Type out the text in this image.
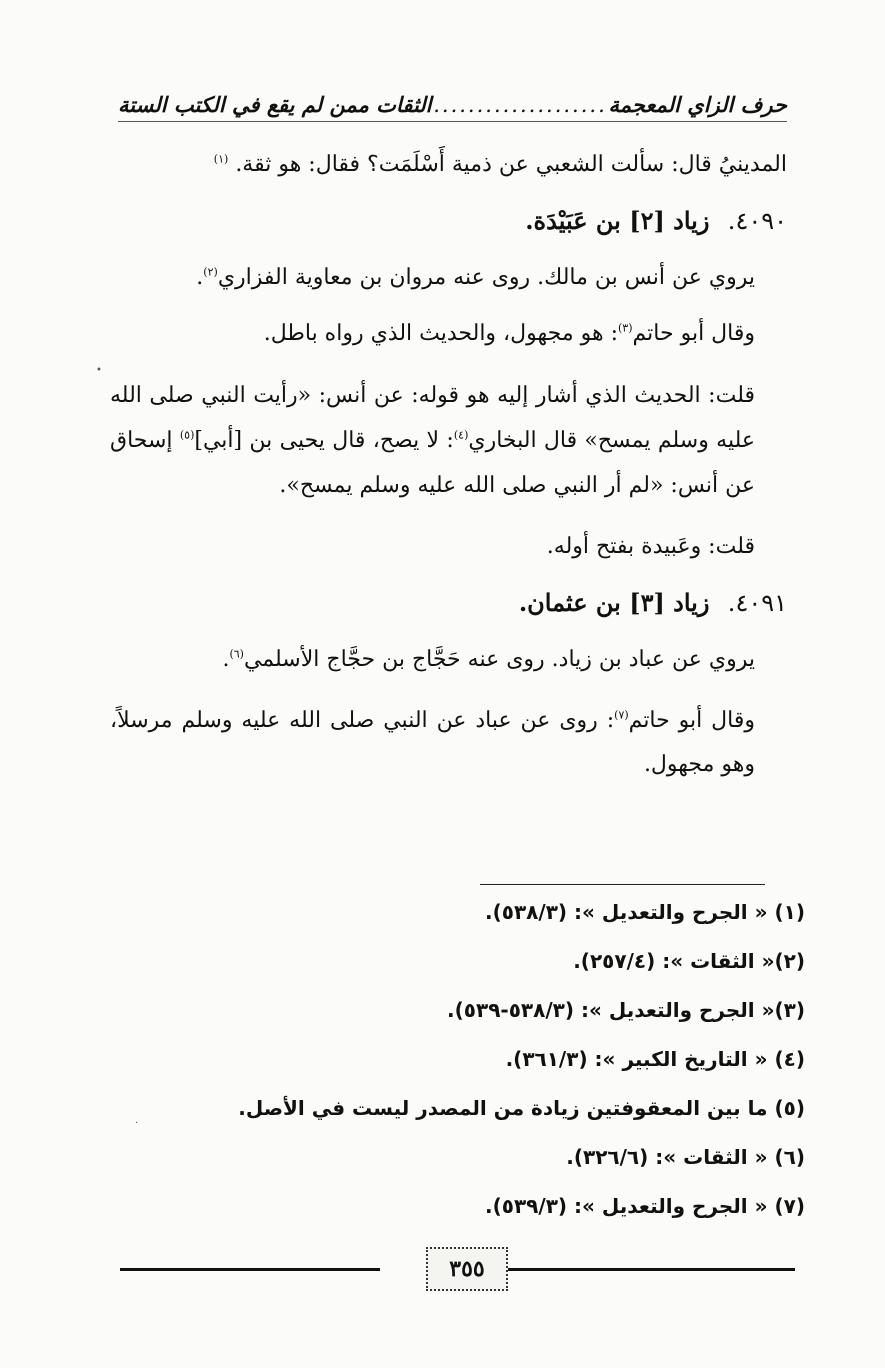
حرف الزاي المعجمة
....................
الثقات ممن لم يقع في الكتب الستة

المدينيُ قال: سألت الشعبي عن ذمية أَسْلَمَت؟ فقال: هو ثقة. $^{(١)}$

٤٠٩٠. زياد [٢] بن عَبَيْدَة.

يروي عن أنس بن مالك. روى عنه مروان بن معاوية الفزاري$^{(٢)}$.

وقال أبو حاتم$^{(٣)}$: هو مجهول، والحديث الذي رواه باطل.

قلت: الحديث الذي أشار إليه هو قوله: عن أنس: «رأيت النبي صلى الله عليه وسلم يمسح» قال البخاري$^{(٤)}$: لا يصح، قال يحيى بن [أبي]$^{(٥)}$ إسحاق عن أنس: «لم أر النبي صلى الله عليه وسلم يمسح».

قلت: وعَبيدة بفتح أوله.

٤٠٩١. زياد [٣] بن عثمان.

يروي عن عباد بن زياد. روى عنه حَجَّاج بن حجَّاج الأسلمي$^{(٦)}$.

وقال أبو حاتم$^{(٧)}$: روى عن عباد عن النبي صلى الله عليه وسلم مرسلاً، وهو مجهول.

(١) « الجرح والتعديل »: (٥٣٨/٣).
(٢)« الثقات »: (٢٥٧/٤).
(٣)« الجرح والتعديل »: (٥٣٨/٣-٥٣٩).
(٤) « التاريخ الكبير »: (٣٦١/٣).
(٥) ما بين المعقوفتين زيادة من المصدر ليست في الأصل.
(٦) « الثقات »: (٣٢٦/٦).
(٧) « الجرح والتعديل »: (٥٣٩/٣).
٣٥٥
•
·
